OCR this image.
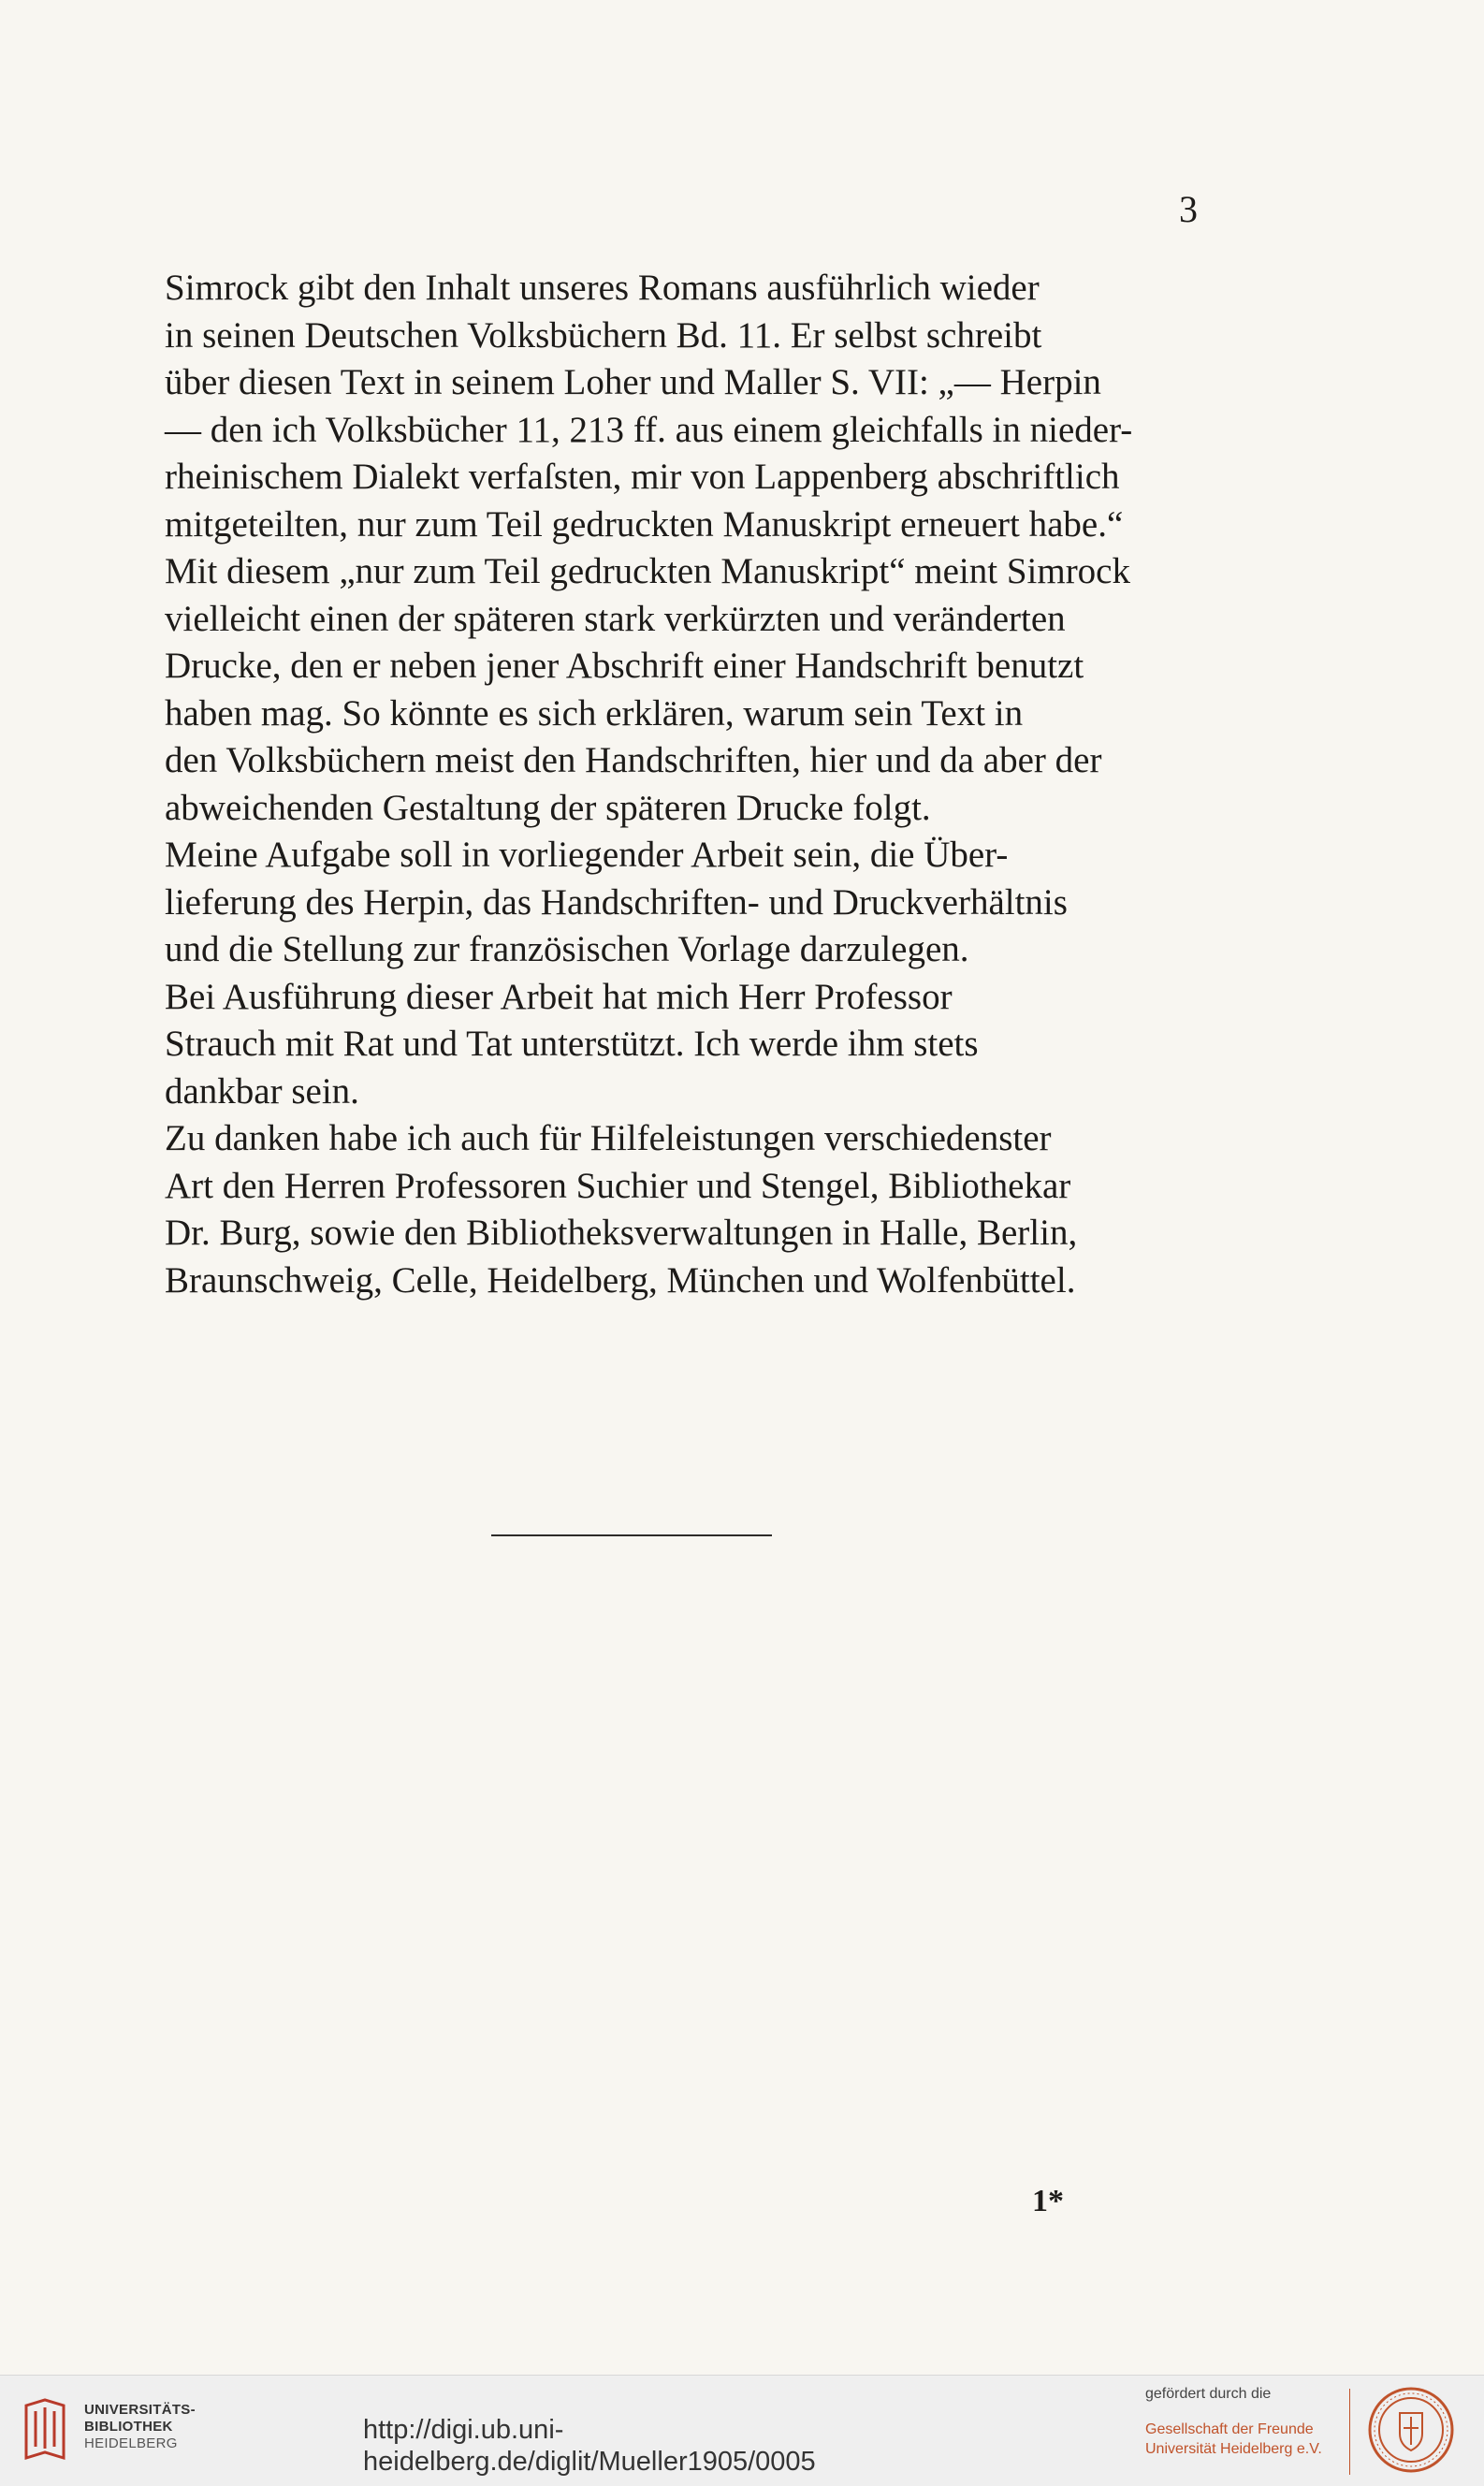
3

Simrock gibt den Inhalt unseres Romans ausführlich wieder
in seinen Deutschen Volksbüchern Bd. 11. Er selbst schreibt
über diesen Text in seinem Loher und Maller S. VII: „— Herpin
— den ich Volksbücher 11, 213 ff. aus einem gleichfalls in nieder-
rheinischem Dialekt verfaſsten, mir von Lappenberg abschriftlich
mitgeteilten, nur zum Teil gedruckten Manuskript erneuert habe.“
Mit diesem „nur zum Teil gedruckten Manuskript“ meint Simrock
vielleicht einen der späteren stark verkürzten und veränderten
Drucke, den er neben jener Abschrift einer Handschrift benutzt
haben mag. So könnte es sich erklären, warum sein Text in
den Volksbüchern meist den Handschriften, hier und da aber der
abweichenden Gestaltung der späteren Drucke folgt.

Meine Aufgabe soll in vorliegender Arbeit sein, die Über-
lieferung des Herpin, das Handschriften- und Druckverhältnis
und die Stellung zur französischen Vorlage darzulegen.

Bei Ausführung dieser Arbeit hat mich Herr Professor
Strauch mit Rat und Tat unterstützt. Ich werde ihm stets
dankbar sein.

Zu danken habe ich auch für Hilfeleistungen verschiedenster
Art den Herren Professoren Suchier und Stengel, Bibliothekar
Dr. Burg, sowie den Bibliotheksverwaltungen in Halle, Berlin,
Braunschweig, Celle, Heidelberg, München und Wolfenbüttel.

1*
UNIVERSITÄTS-
BIBLIOTHEK
HEIDELBERG	http://digi.ub.uni-heidelberg.de/diglit/Mueller1905/0005
gefördert durch die
Gesellschaft der Freunde
Universität Heidelberg e.V.
